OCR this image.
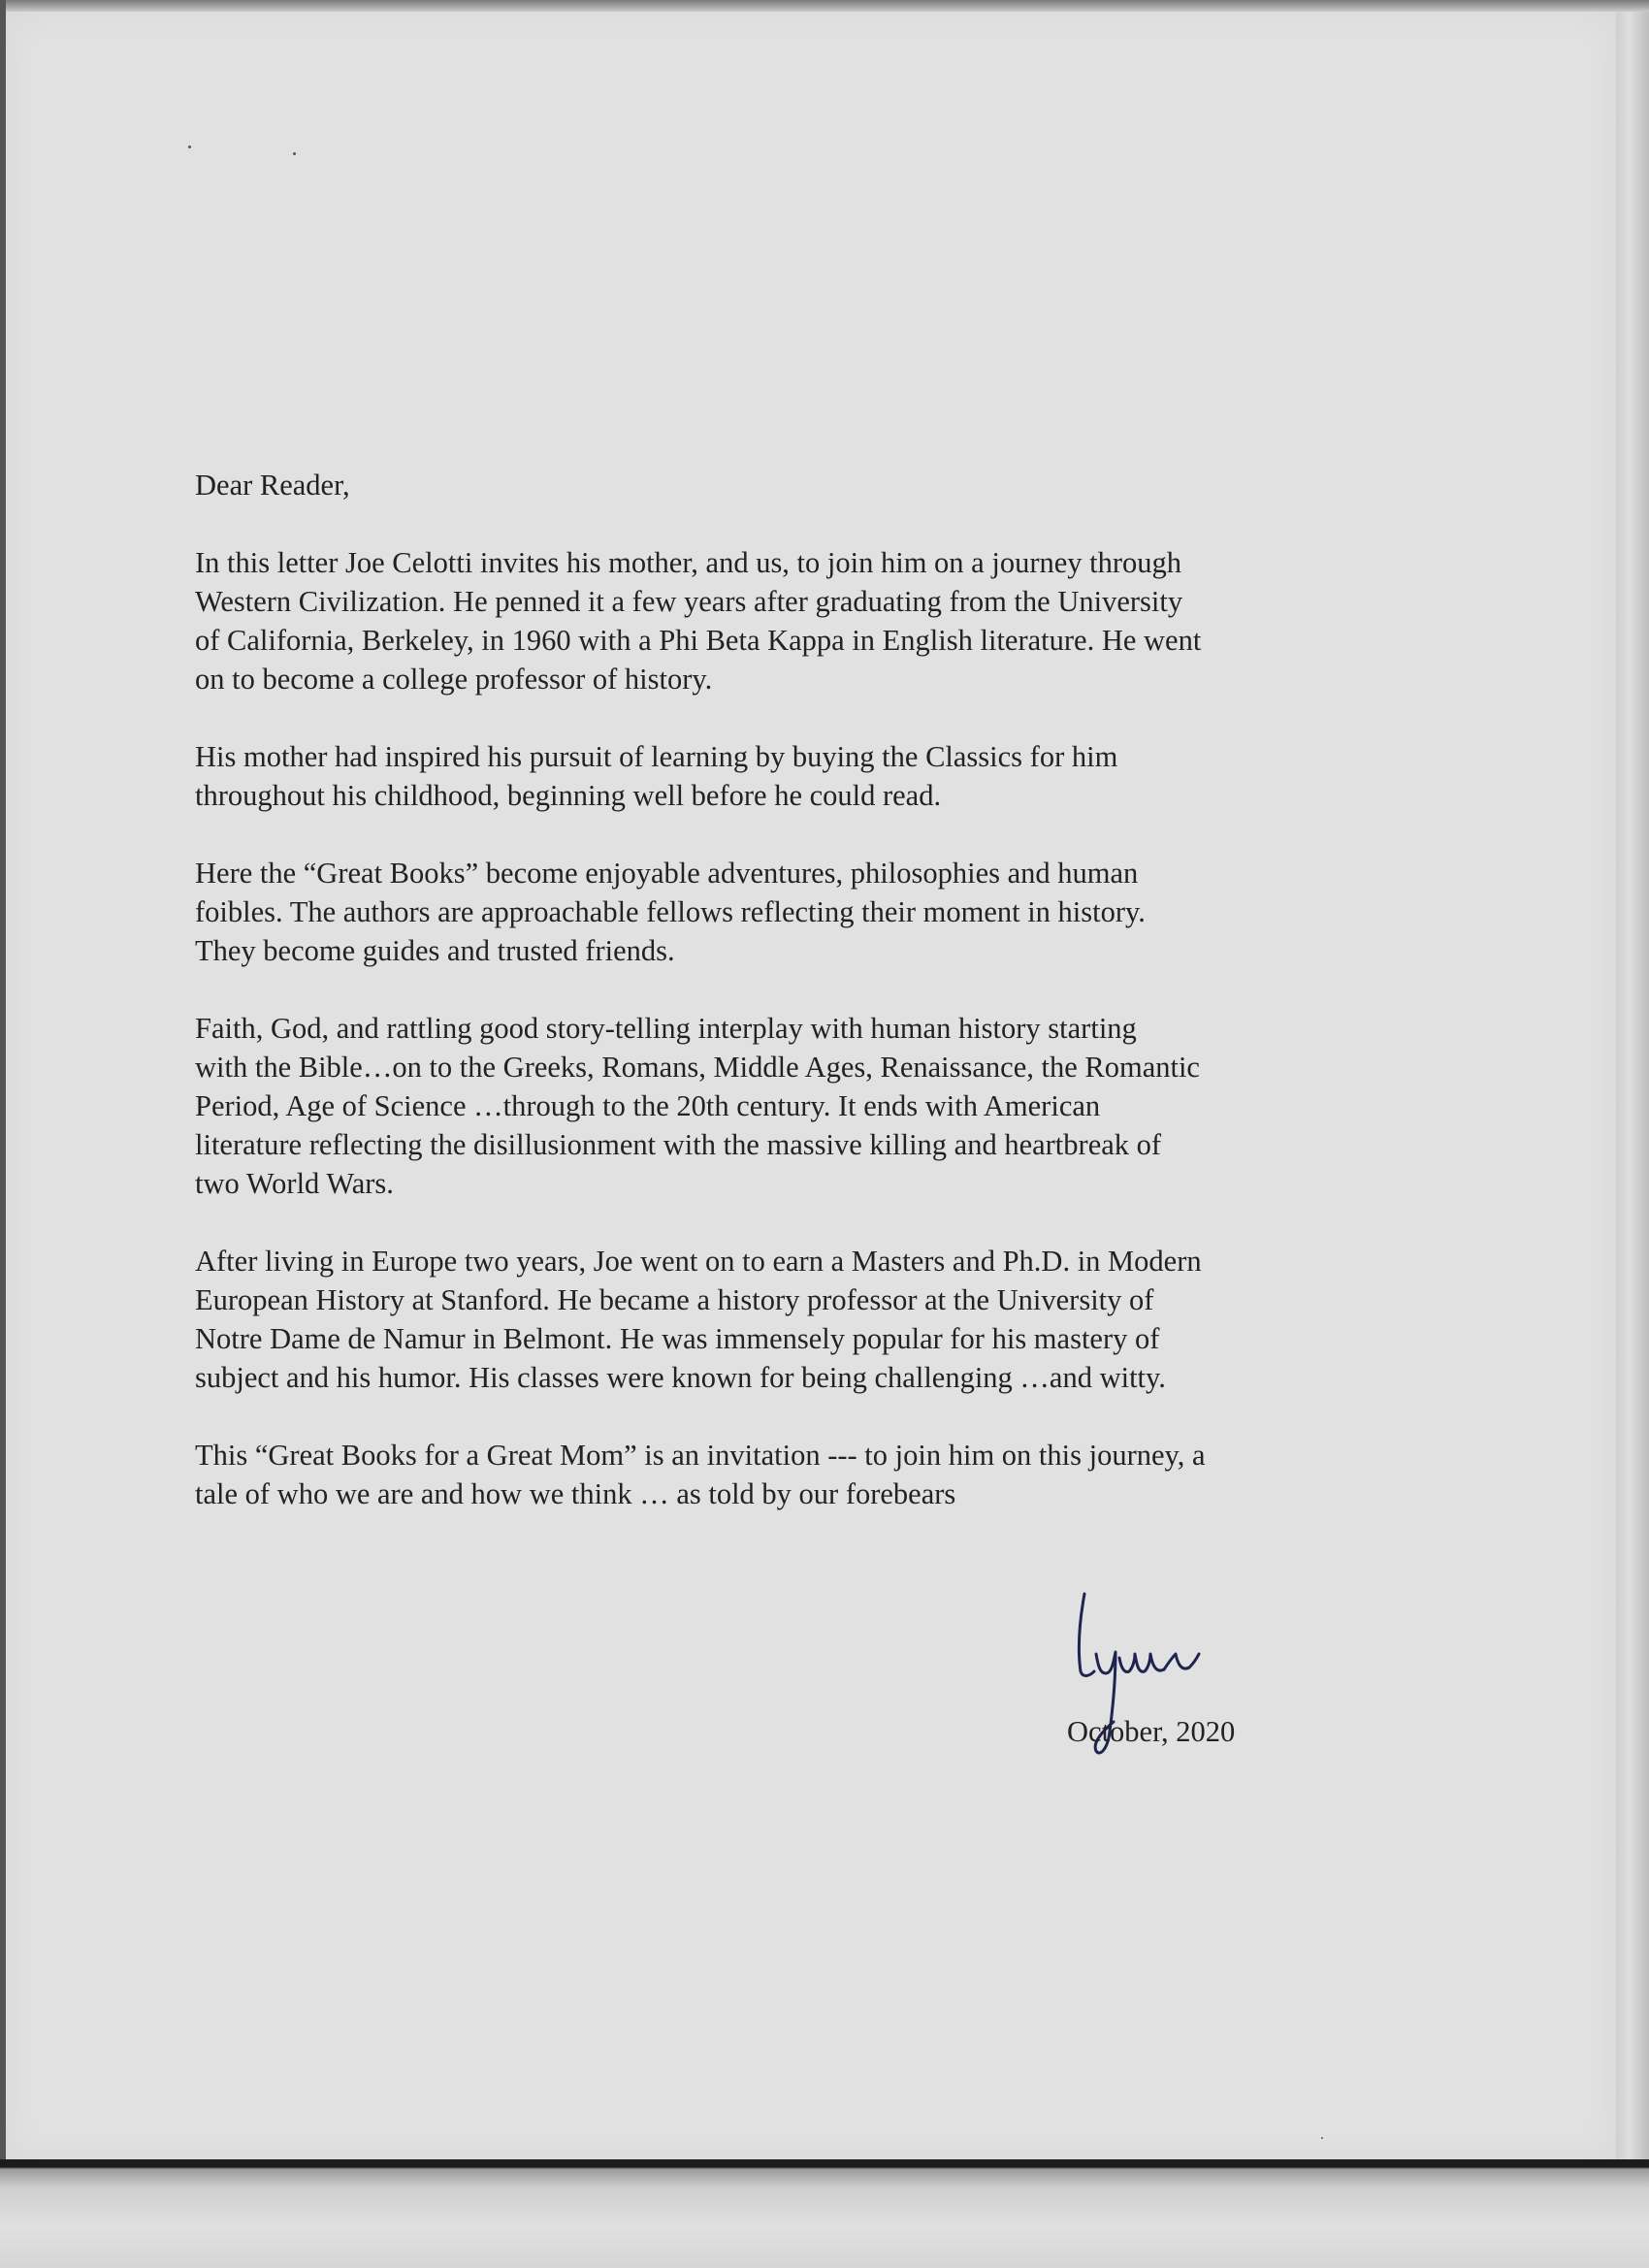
Dear Reader,

In this letter Joe Celotti invites his mother, and us, to join him on a journey through
Western Civilization. He penned it a few years after graduating from the University
of California, Berkeley, in 1960 with a Phi Beta Kappa in English literature. He went
on to become a college professor of history.

His mother had inspired his pursuit of learning by buying the Classics for him
throughout his childhood, beginning well before he could read.

Here the “Great Books” become enjoyable adventures, philosophies and human
foibles. The authors are approachable fellows reflecting their moment in history.
They become guides and trusted friends.

Faith, God, and rattling good story-telling interplay with human history starting
with the Bible…on to the Greeks, Romans, Middle Ages, Renaissance, the Romantic
Period, Age of Science …through to the 20th century. It ends with American
literature reflecting the disillusionment with the massive killing and heartbreak of
two World Wars.

After living in Europe two years, Joe went on to earn a Masters and Ph.D. in Modern
European History at Stanford. He became a history professor at the University of
Notre Dame de Namur in Belmont. He was immensely popular for his mastery of
subject and his humor. His classes were known for being challenging …and witty.

This “Great Books for a Great Mom” is an invitation --- to join him on this journey, a
tale of who we are and how we think … as told by our forebears

October, 2020
